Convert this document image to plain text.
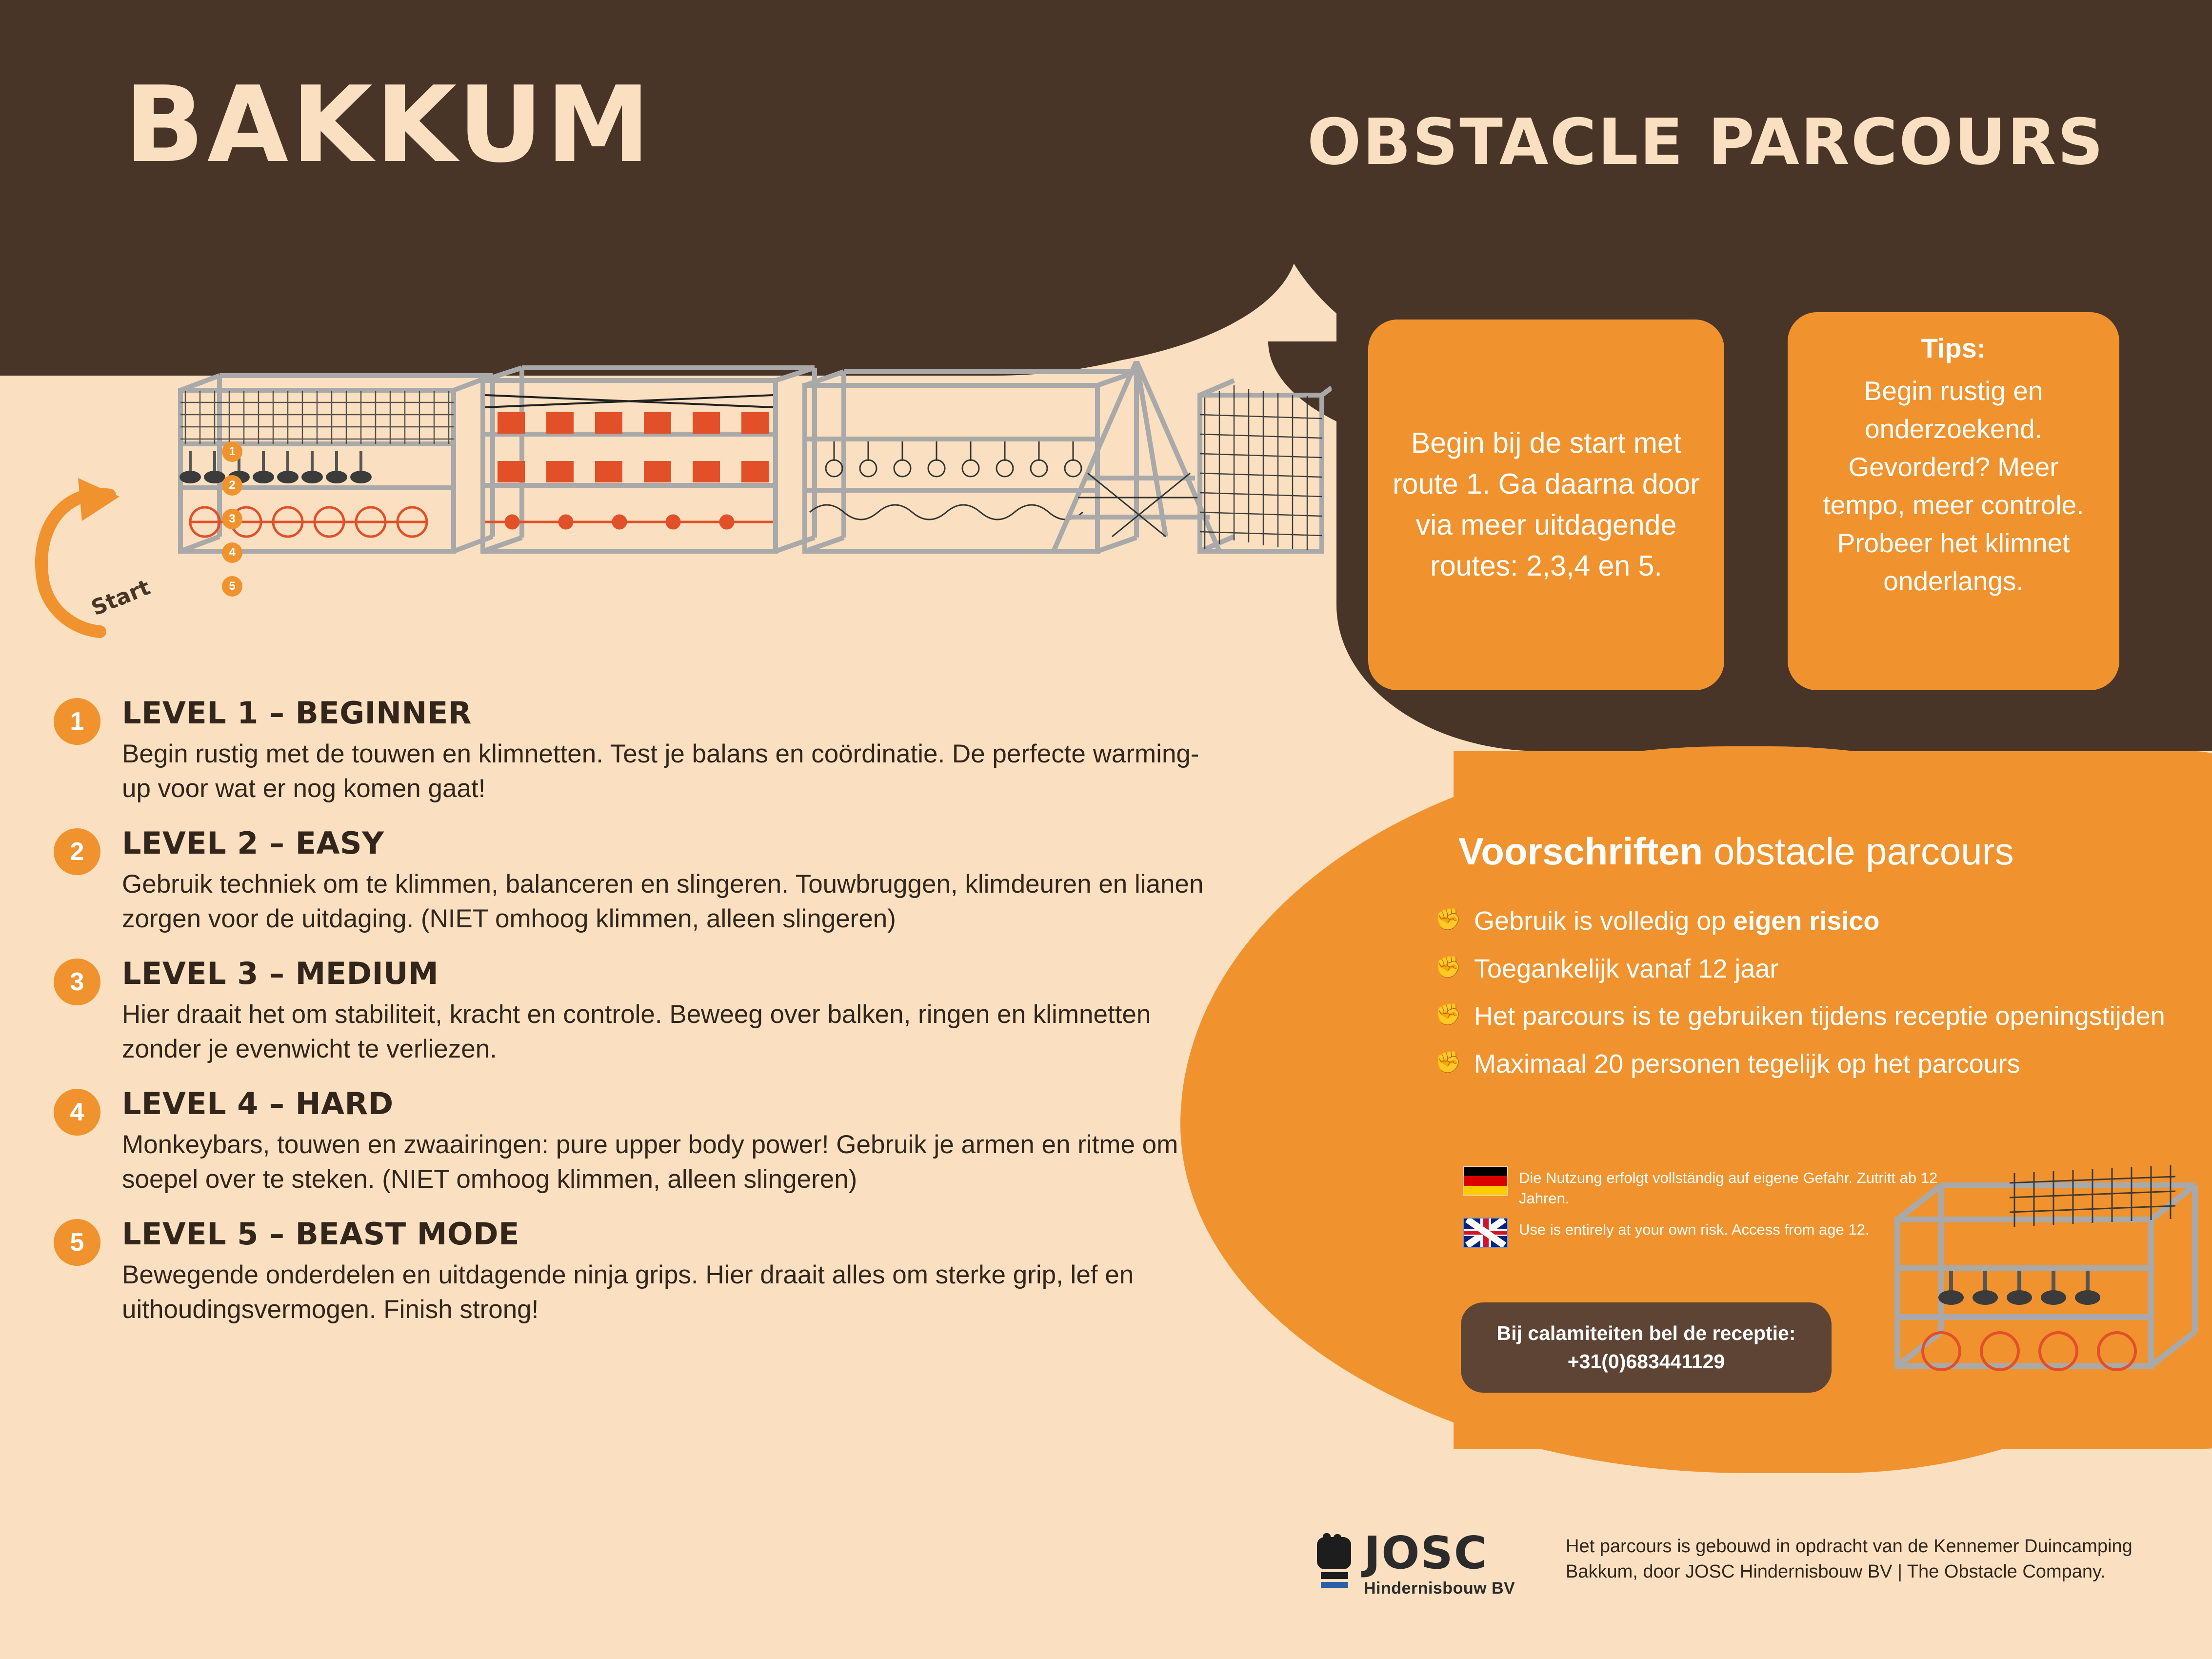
BAKKUM	OBSTACLE PARCOURS
Start
1
2
3
4
5
Begin bij de start met route 1. Ga daarna door via meer uitdagende routes: 2,3,4 en 5.
Tips:
Begin rustig en onderzoekend. Gevorderd? Meer tempo, meer controle. Probeer het klimnet onderlangs.
1	LEVEL 1 – BEGINNER

Begin rustig met de touwen en klimnetten. Test je balans en coördinatie. De perfecte warming-up voor wat er nog komen gaat!

2	LEVEL 2 – EASY

Gebruik techniek om te klimmen, balanceren en slingeren. Touwbruggen, klimdeuren en lianen zorgen voor de uitdaging. (NIET omhoog klimmen, alleen slingeren)

3	LEVEL 3 – MEDIUM

Hier draait het om stabiliteit, kracht en controle. Beweeg over balken, ringen en klimnetten zonder je evenwicht te verliezen.

4	LEVEL 4 – HARD

Monkeybars, touwen en zwaairingen: pure upper body power! Gebruik je armen en ritme om soepel over te steken. (NIET omhoog klimmen, alleen slingeren)

5	LEVEL 5 – BEAST MODE

Bewegende onderdelen en uitdagende ninja grips. Hier draait alles om sterke grip, lef en uithoudingsvermogen. Finish strong!

Voorschriften obstacle parcours
✊ Gebruik is volledig op eigen risico
✊ Toegankelijk vanaf 12 jaar
✊ Het parcours is te gebruiken tijdens receptie openingstijden
✊ Maximaal 20 personen tegelijk op het parcours
Die Nutzung erfolgt vollständig auf eigene Gefahr. Zutritt ab 12 Jahren.
Use is entirely at your own risk. Access from age 12.
Bij calamiteiten bel de receptie:
+31(0)683441129
JOSC
Hindernisbouw BV
Het parcours is gebouwd in opdracht van de Kennemer Duincamping Bakkum, door JOSC Hindernisbouw BV | The Obstacle Company.
